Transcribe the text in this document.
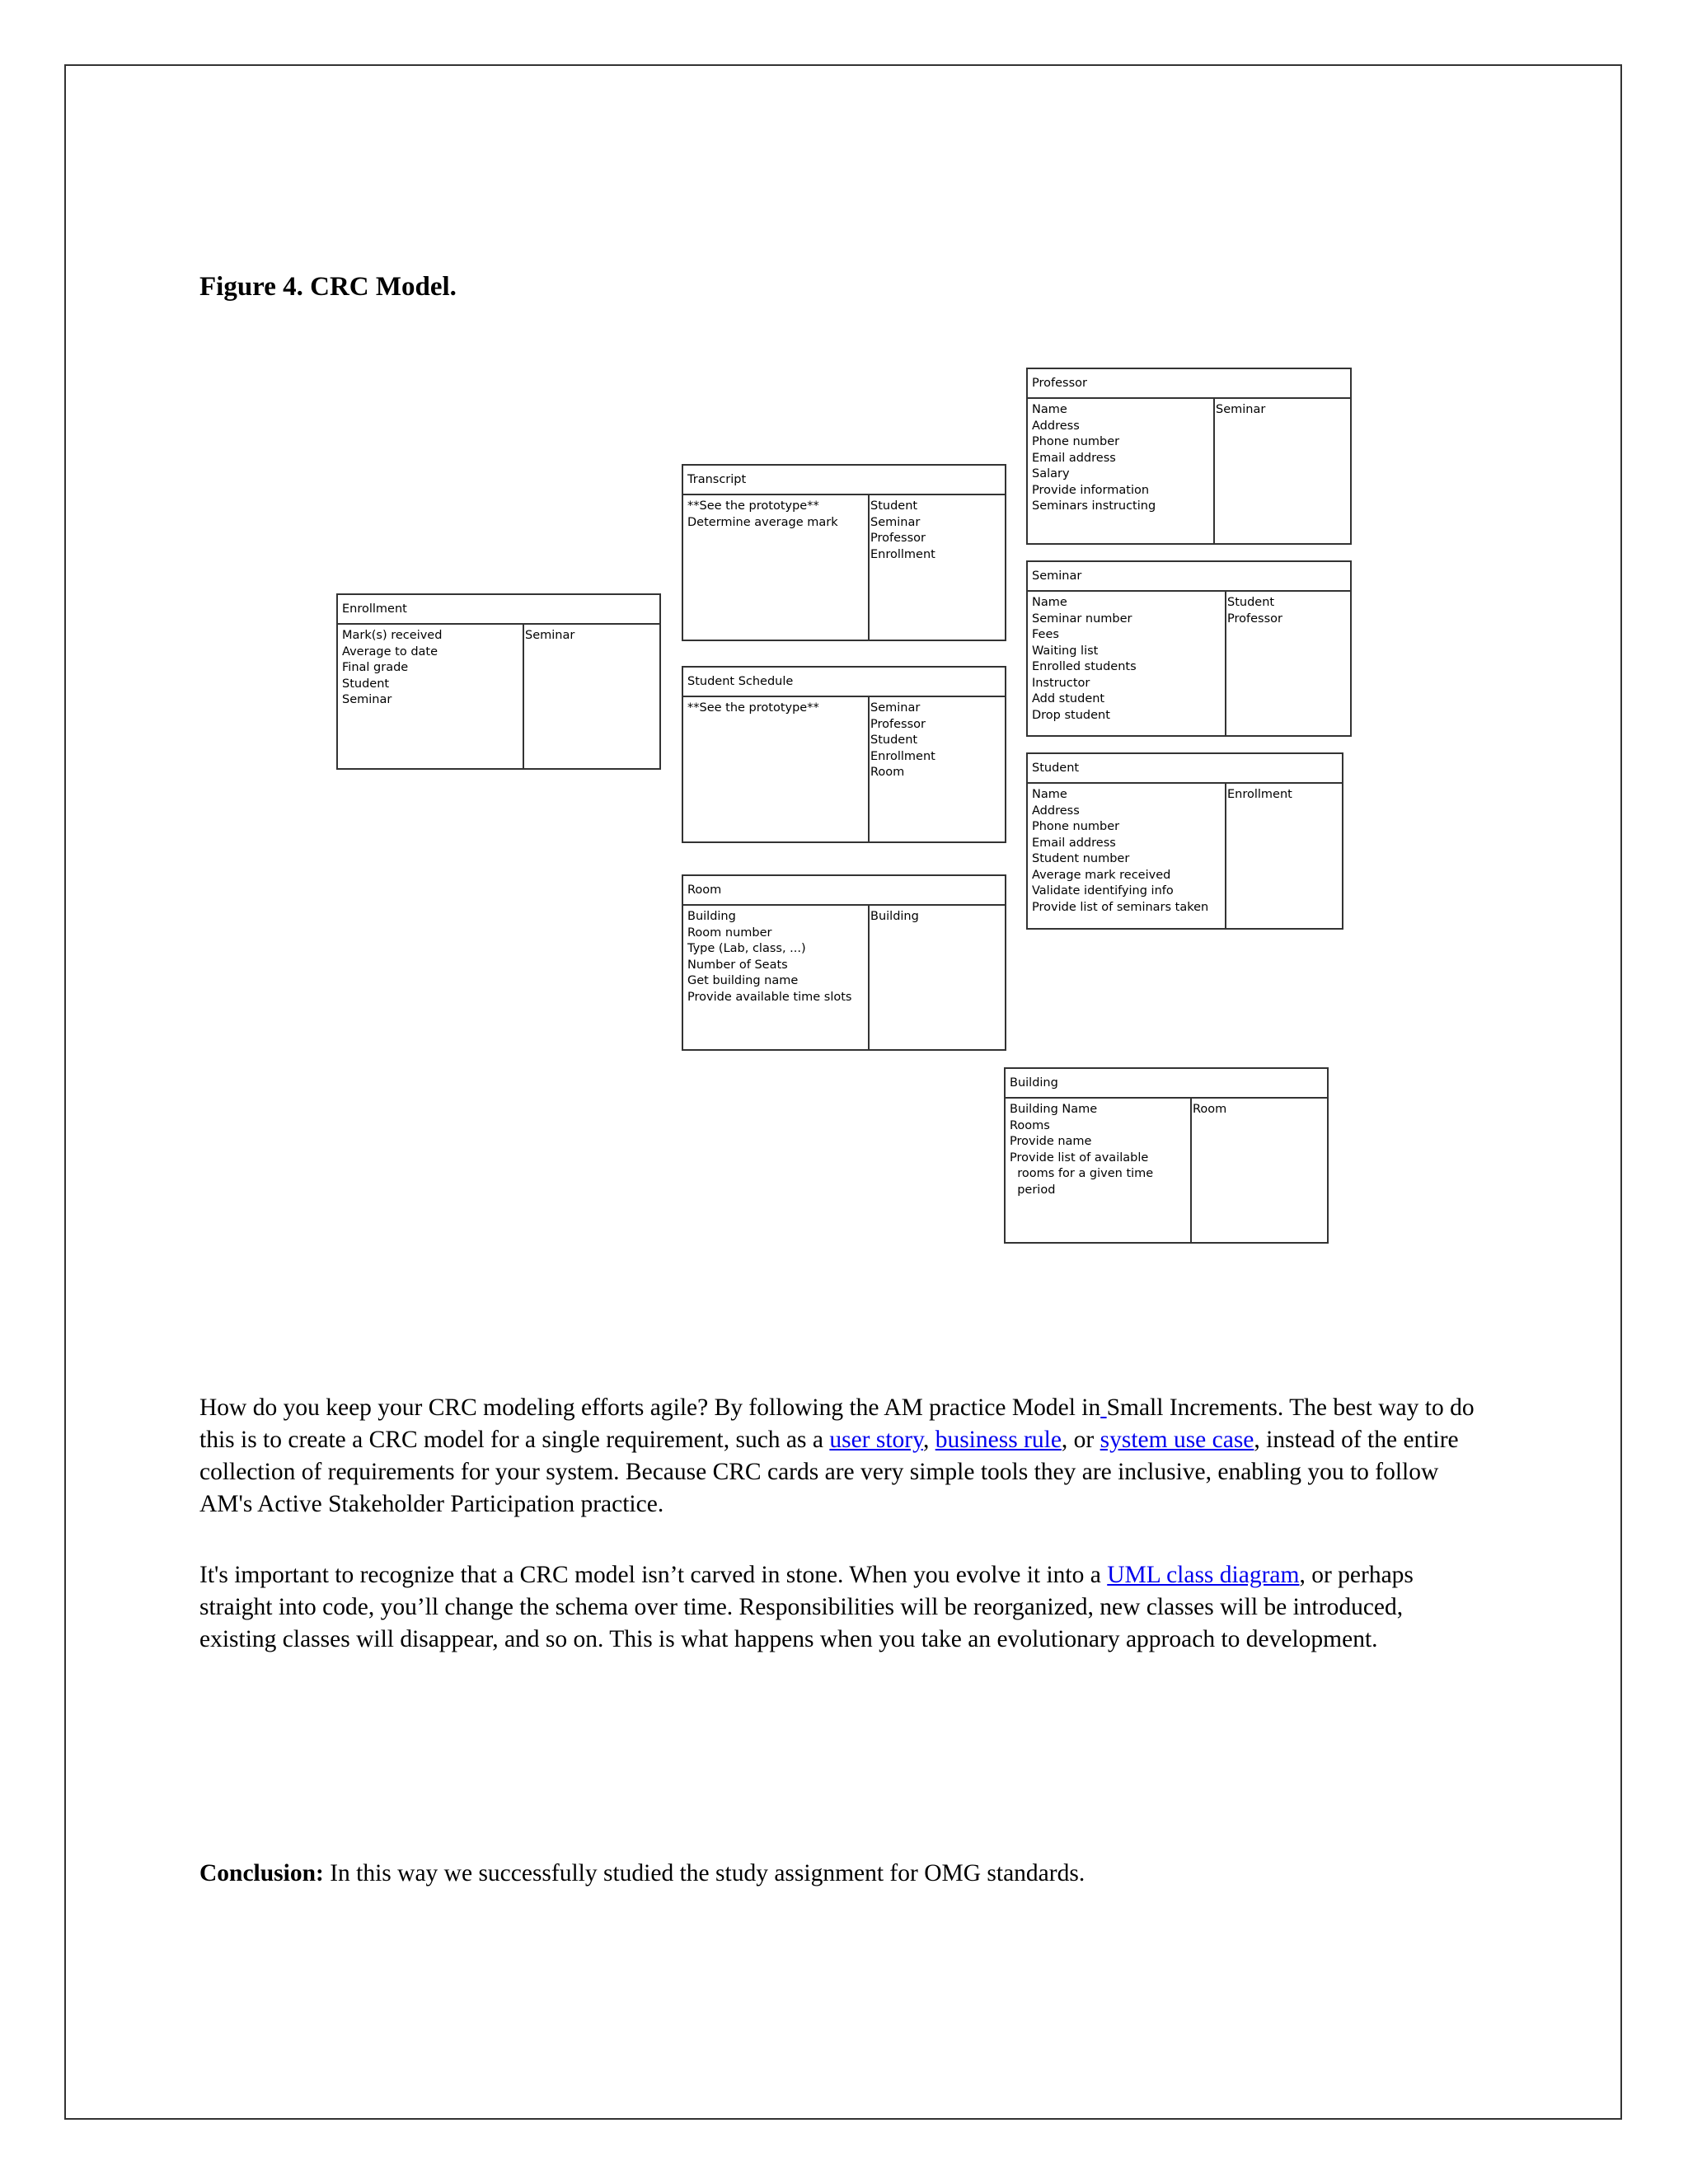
Figure 4. CRC Model.
Enrollment
Mark(s) received
Average to date
Final grade
Student
Seminar
Seminar
Transcript
**See the prototype**
Determine average mark
Student
Seminar
Professor
Enrollment
Student Schedule
**See the prototype**	Seminar
Professor
Student
Enrollment
Room
Room
Building
Room number
Type (Lab, class, ...)
Number of Seats
Get building name
Provide available time slots
Building
Professor
Name
Address
Phone number
Email address
Salary
Provide information
Seminars instructing
Seminar
Seminar
Name
Seminar number
Fees
Waiting list
Enrolled students
Instructor
Add student
Drop student
Student
Professor
Student
Name
Address
Phone number
Email address
Student number
Average mark received
Validate identifying info
Provide list of seminars taken
Enrollment
Building
Building Name
Rooms
Provide name
Provide list of available
rooms for a given time
period
Room
How do you keep your CRC modeling efforts agile? By following the AM practice Model in Small Increments. The best way to do this is to create a CRC model for a single requirement, such as a user story, business rule, or system use case, instead of the entire collection of requirements for your system. Because CRC cards are very simple tools they are inclusive, enabling you to follow AM's Active Stakeholder Participation practice.
It's important to recognize that a CRC model isn’t carved in stone. When you evolve it into a UML class diagram, or perhaps straight into code, you’ll change the schema over time. Responsibilities will be reorganized, new classes will be introduced, existing classes will disappear, and so on. This is what happens when you take an evolutionary approach to development.
Conclusion: In this way we successfully studied the study assignment for OMG standards.
